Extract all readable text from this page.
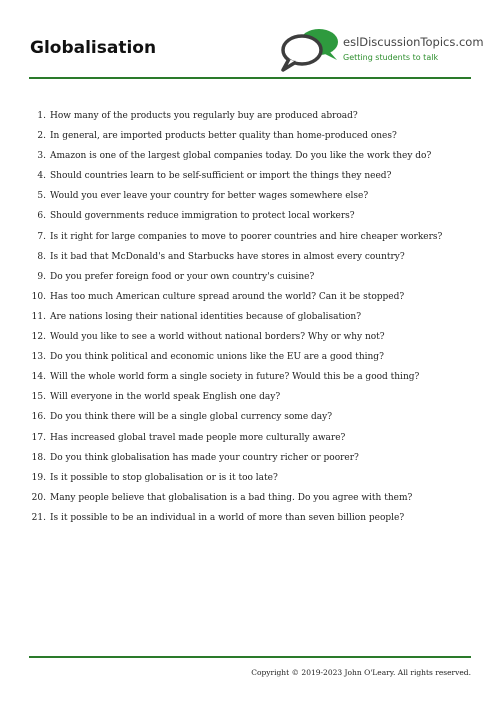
Globalisation	eslDiscussionTopics.com
Getting students to talk
1. How many of the products you regularly buy are produced abroad?
2. In general, are imported products better quality than home-produced ones?
3. Amazon is one of the largest global companies today. Do you like the work they do?
4. Should countries learn to be self-sufficient or import the things they need?
5. Would you ever leave your country for better wages somewhere else?
6. Should governments reduce immigration to protect local workers?
7. Is it right for large companies to move to poorer countries and hire cheaper workers?
8. Is it bad that McDonald's and Starbucks have stores in almost every country?
9. Do you prefer foreign food or your own country's cuisine?
10. Has too much American culture spread around the world? Can it be stopped?
11. Are nations losing their national identities because of globalisation?
12. Would you like to see a world without national borders? Why or why not?
13. Do you think political and economic unions like the EU are a good thing?
14. Will the whole world form a single society in future? Would this be a good thing?
15. Will everyone in the world speak English one day?
16. Do you think there will be a single global currency some day?
17. Has increased global travel made people more culturally aware?
18. Do you think globalisation has made your country richer or poorer?
19. Is it possible to stop globalisation or is it too late?
20. Many people believe that globalisation is a bad thing. Do you agree with them?
21. Is it possible to be an individual in a world of more than seven billion people?
Copyright © 2019-2023 John O'Leary. All rights reserved.
